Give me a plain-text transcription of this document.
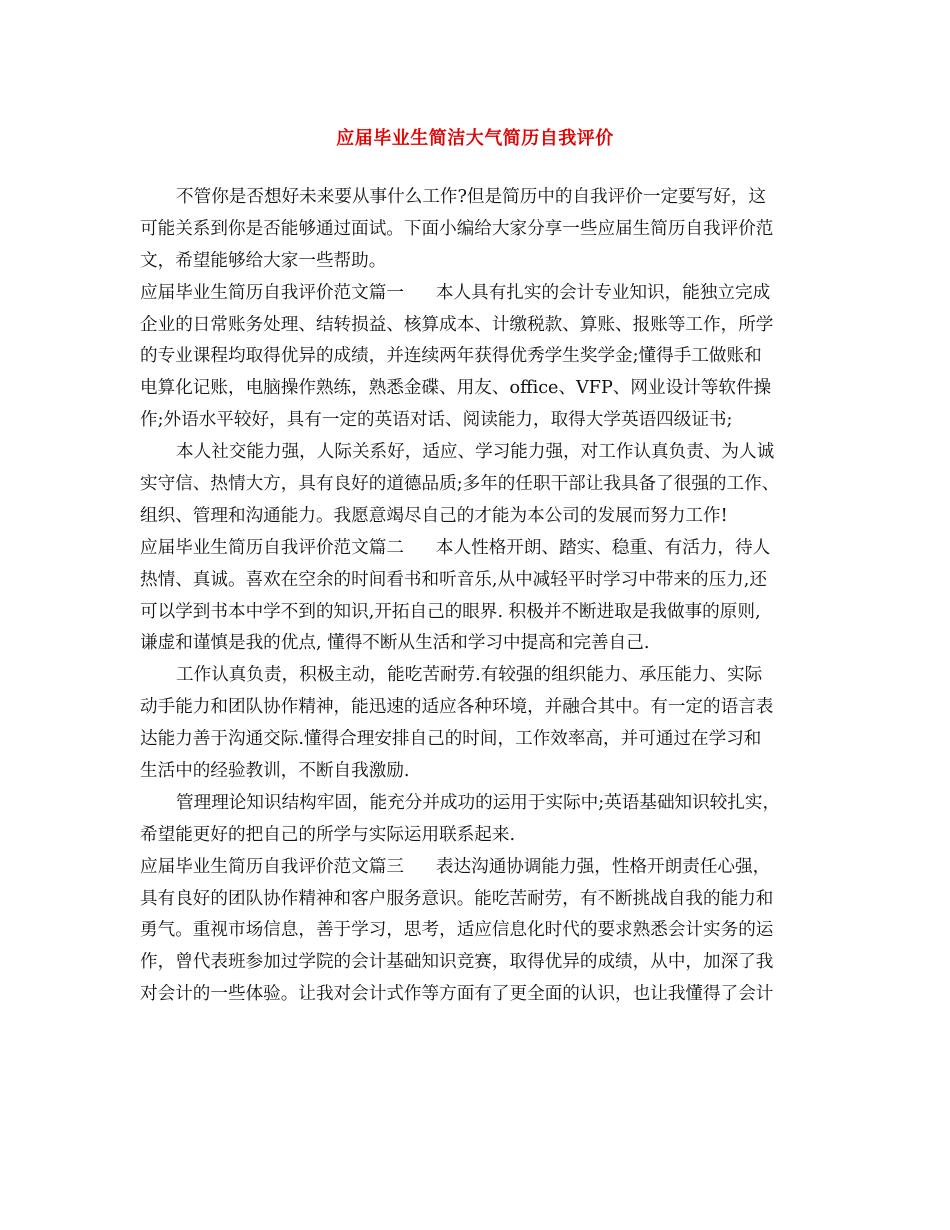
应届毕业生简洁大气简历自我评价
不管你是否想好未来要从事什么工作?但是简历中的自我评价一定要写好，这
可能关系到你是否能够通过面试。下面小编给大家分享一些应届生简历自我评价范
文，希望能够给大家一些帮助。
应届毕业生简历自我评价范文篇一 本人具有扎实的会计专业知识，能独立完成
企业的日常账务处理、结转损益、核算成本、计缴税款、算账、报账等工作，所学
的专业课程均取得优异的成绩，并连续两年获得优秀学生奖学金;懂得手工做账和
电算化记账，电脑操作熟练，熟悉金碟、用友、office、VFP、网业设计等软件操
作;外语水平较好，具有一定的英语对话、阅读能力，取得大学英语四级证书;
本人社交能力强，人际关系好，适应、学习能力强，对工作认真负责、为人诚
实守信、热情大方，具有良好的道德品质;多年的任职干部让我具备了很强的工作、
组织、管理和沟通能力。我愿意竭尽自己的才能为本公司的发展而努力工作!
应届毕业生简历自我评价范文篇二 本人性格开朗、踏实、稳重、有活力，待人
热情、真诚。喜欢在空余的时间看书和听音乐,从中减轻平时学习中带来的压力,还
可以学到书本中学不到的知识,开拓自己的眼界. 积极并不断进取是我做事的原则,
谦虚和谨慎是我的优点, 懂得不断从生活和学习中提高和完善自己.
工作认真负责，积极主动，能吃苦耐劳.有较强的组织能力、承压能力、实际
动手能力和团队协作精神，能迅速的适应各种环境，并融合其中。有一定的语言表
达能力善于沟通交际.懂得合理安排自己的时间，工作效率高，并可通过在学习和
生活中的经验教训，不断自我激励.
管理理论知识结构牢固，能充分并成功的运用于实际中;英语基础知识较扎实，
希望能更好的把自己的所学与实际运用联系起来.
应届毕业生简历自我评价范文篇三 表达沟通协调能力强，性格开朗责任心强，
具有良好的团队协作精神和客户服务意识。能吃苦耐劳，有不断挑战自我的能力和
勇气。重视市场信息，善于学习，思考，适应信息化时代的要求熟悉会计实务的运
作，曾代表班参加过学院的会计基础知识竞赛，取得优异的成绩，从中，加深了我
对会计的一些体验。让我对会计式作等方面有了更全面的认识，也让我懂得了会计
